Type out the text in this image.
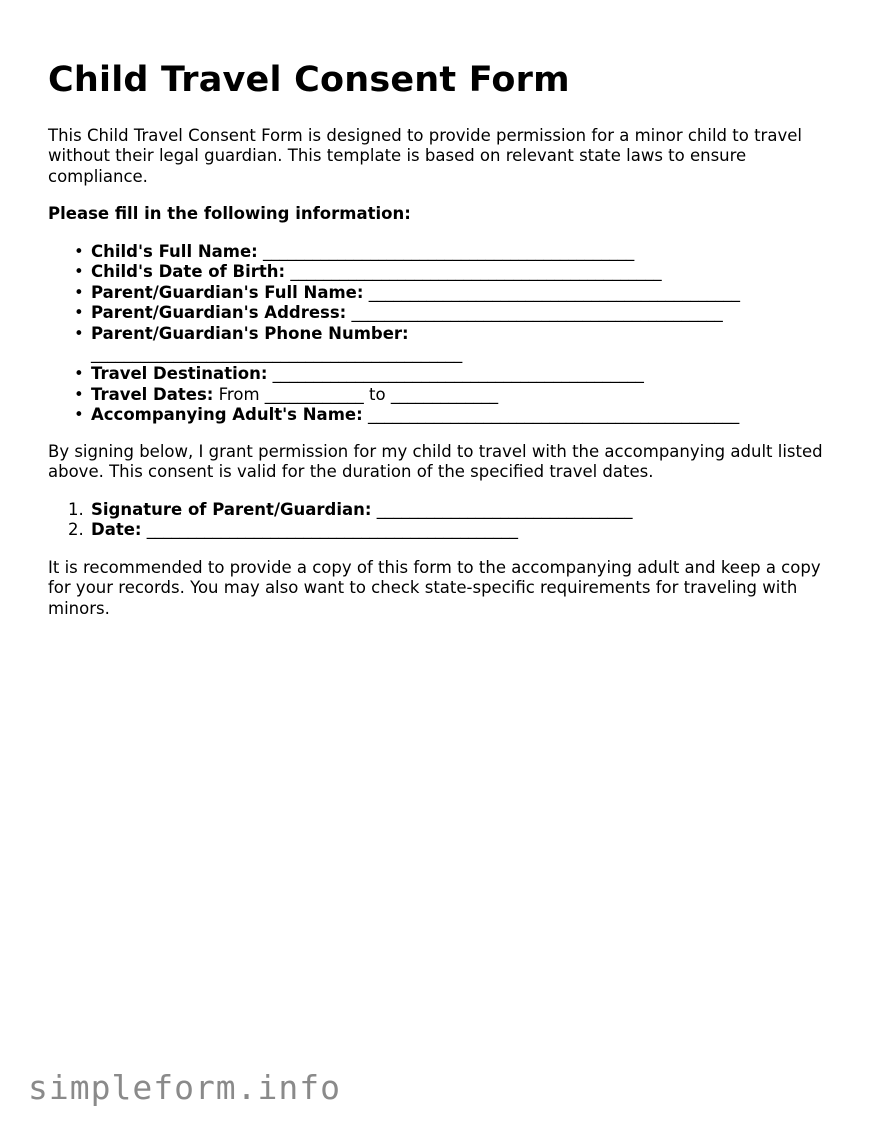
Child Travel Consent Form

This Child Travel Consent Form is designed to provide permission for a minor child to travel without their legal guardian. This template is based on relevant state laws to ensure compliance.

Please fill in the following information:

• Child's Full Name: _____________________________________________
• Child's Date of Birth: _____________________________________________
• Parent/Guardian's Full Name: _____________________________________________
• Parent/Guardian's Address: _____________________________________________
• Parent/Guardian's Phone Number:
_____________________________________________
• Travel Destination: _____________________________________________
• Travel Dates: From ____________ to _____________
• Accompanying Adult's Name: _____________________________________________

By signing below, I grant permission for my child to travel with the accompanying adult listed above. This consent is valid for the duration of the specified travel dates.

1. Signature of Parent/Guardian: _______________________________
2. Date: _____________________________________________

It is recommended to provide a copy of this form to the accompanying adult and keep a copy for your records. You may also want to check state-specific requirements for traveling with minors.

simpleform.info
